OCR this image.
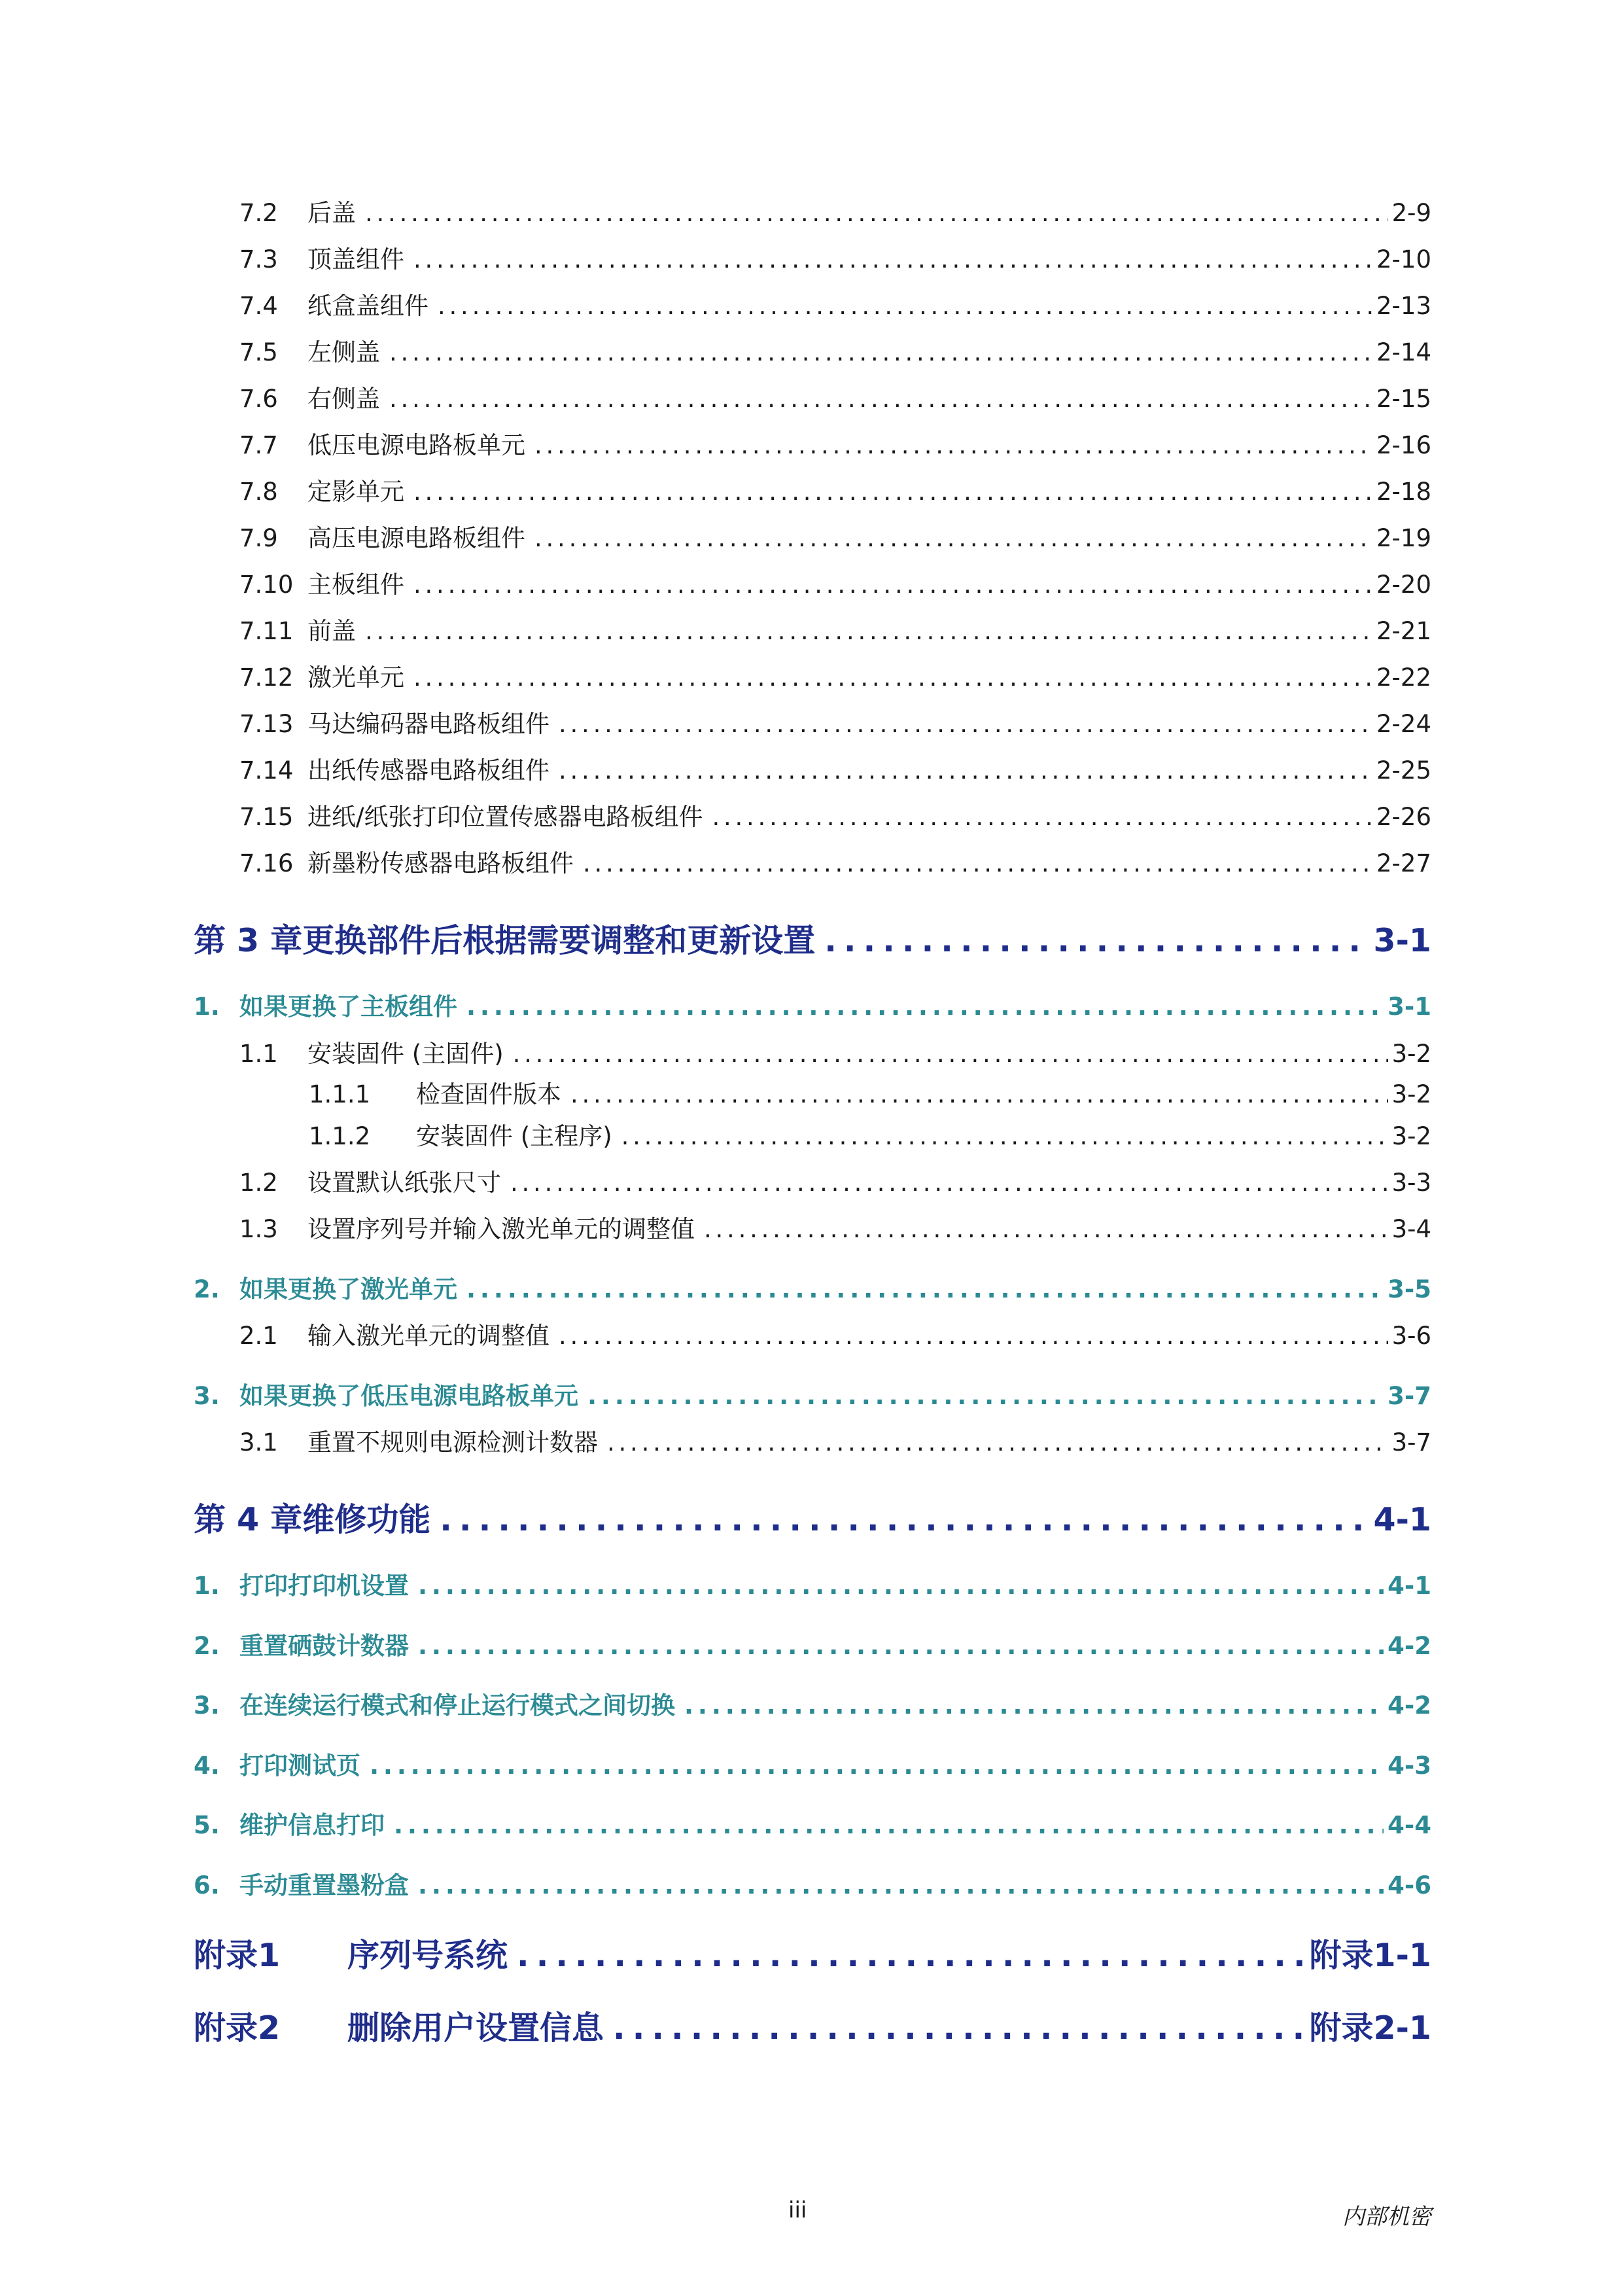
7.2	后盖 . . .	2-9
7.3	顶盖组件 . . .	2-10
7.4	纸盒盖组件 . . .	2-13
7.5	左侧盖 . . .	2-14
7.6	右侧盖 . . .	2-15
7.7	低压电源电路板单元 . . .	2-16
7.8	定影单元 . . .	2-18
7.9	高压电源电路板组件 . . .	2-19
7.10 主板组件 . . .	2-20
7.11 前盖 . . .	2-21
7.12 激光单元 . . .	2-22
7.13 马达编码器电路板组件 . . .	2-24
7.14 出纸传感器电路板组件 . . .	2-25
7.15 进纸/纸张打印位置传感器电路板组件 . . .	2-26
7.16 新墨粉传感器电路板组件 . . .	2-27
第 3 章 更换部件后根据需要调整和更新设置 . . .	3-1
1. 如果更换了主板组件 . . .	3-1
1.1	安装固件 (主固件) . . .	3-2
1.1.1	检查固件版本 . . .	3-2
1.1.2	安装固件 (主程序) . . .	3-2
1.2	设置默认纸张尺寸 . . .	3-3
1.3	设置序列号并输入激光单元的调整值 . . .	3-4
2. 如果更换了激光单元 . . .	3-5
2.1	输入激光单元的调整值 . . .	3-6
3. 如果更换了低压电源电路板单元 . . .	3-7
3.1	重置不规则电源检测计数器 . . .	3-7
第 4 章 维修功能 . . .	4-1
1. 打印打印机设置 . . .	4-1
2. 重置硒鼓计数器 . . .	4-2
3. 在连续运行模式和停止运行模式之间切换 . . .	4-2
4. 打印测试页 . . .	4-3
5. 维护信息打印 . . .	4-4
6. 手动重置墨粉盒 . . .	4-6
附录1	序列号系统 . . .	附录1-1
附录2	删除用户设置信息 . . .	附录2-1
iii	内部机密
